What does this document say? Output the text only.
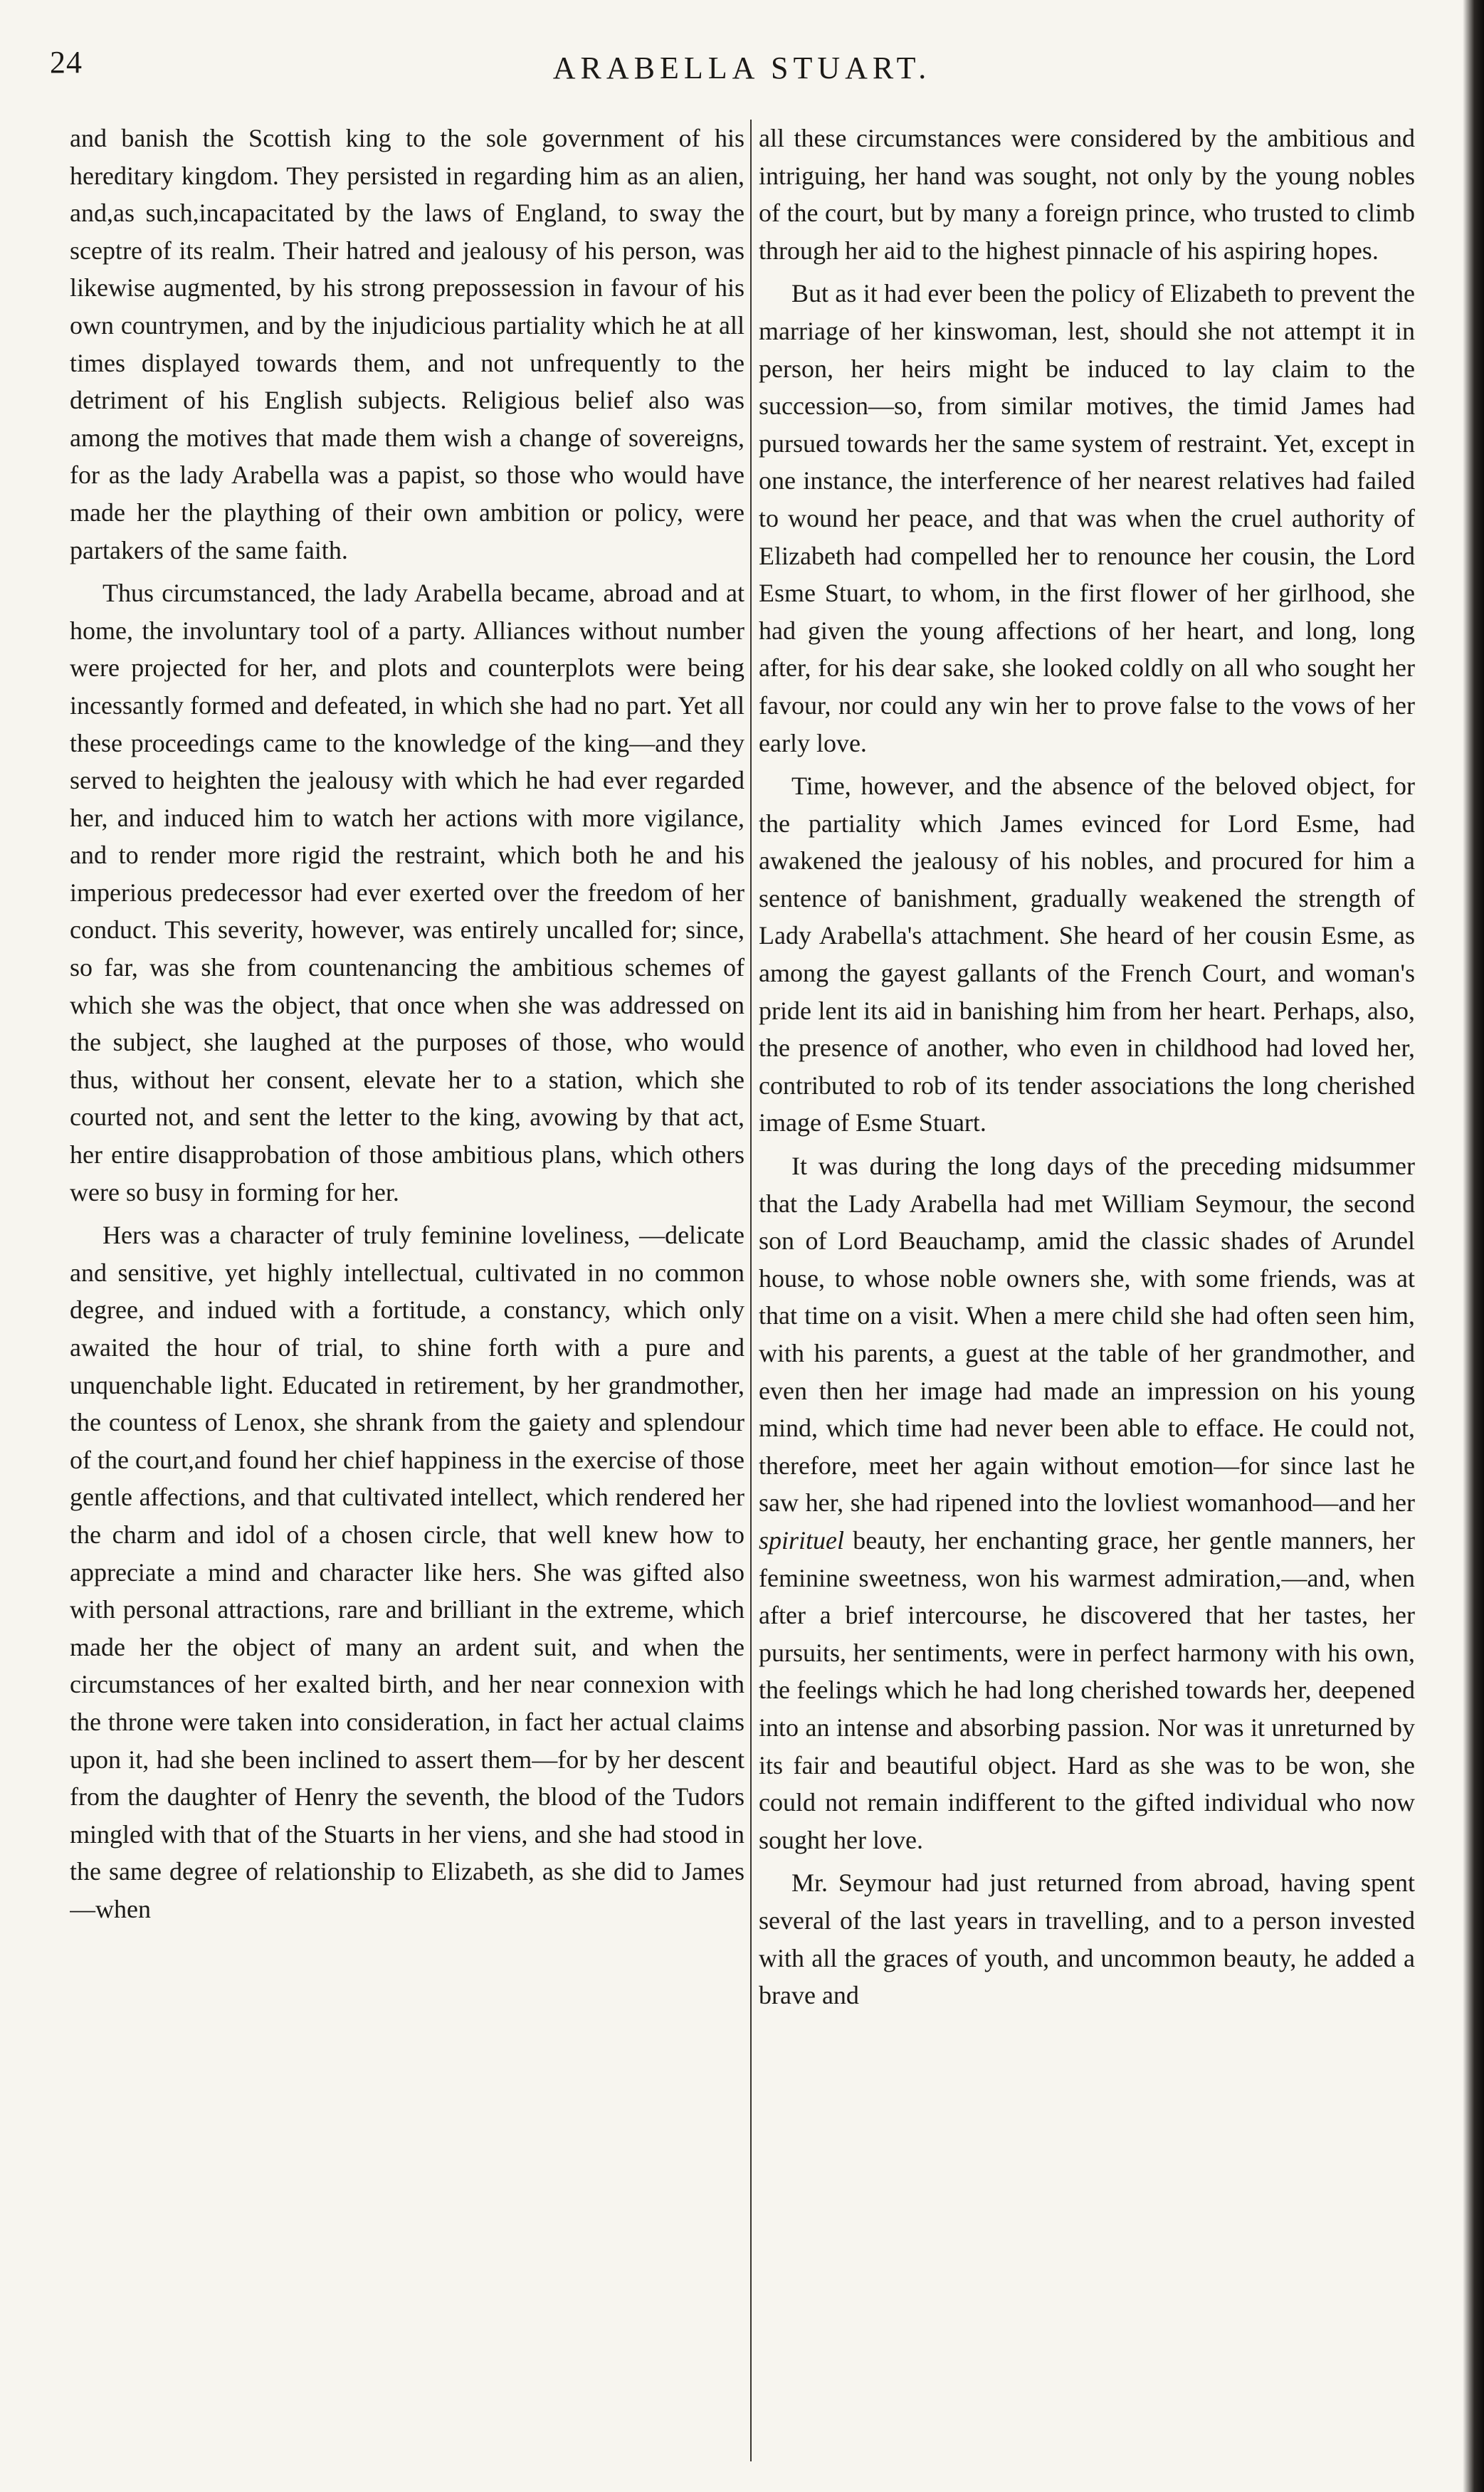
24	ARABELLA STUART.

and banish the Scottish king to the sole government of his hereditary kingdom. They persisted in regarding him as an alien, and,as such,incapacitated by the laws of England, to sway the sceptre of its realm. Their hatred and jealousy of his person, was likewise augmented, by his strong prepossession in favour of his own countrymen, and by the injudicious partiality which he at all times displayed towards them, and not unfrequently to the detriment of his English subjects. Religious belief also was among the motives that made them wish a change of sovereigns, for as the lady Arabella was a papist, so those who would have made her the plaything of their own ambition or policy, were partakers of the same faith.

Thus circumstanced, the lady Arabella became, abroad and at home, the involuntary tool of a party. Alliances without number were projected for her, and plots and counterplots were being incessantly formed and defeated, in which she had no part. Yet all these proceedings came to the knowledge of the king—and they served to heighten the jealousy with which he had ever regarded her, and induced him to watch her actions with more vigilance, and to render more rigid the restraint, which both he and his imperious predecessor had ever exerted over the freedom of her conduct. This severity, however, was entirely uncalled for; since, so far, was she from countenancing the ambitious schemes of which she was the object, that once when she was addressed on the subject, she laughed at the purposes of those, who would thus, without her consent, elevate her to a station, which she courted not, and sent the letter to the king, avowing by that act, her entire disapprobation of those ambitious plans, which others were so busy in forming for her.

Hers was a character of truly feminine loveliness, —delicate and sensitive, yet highly intellectual, cultivated in no common degree, and indued with a fortitude, a constancy, which only awaited the hour of trial, to shine forth with a pure and unquenchable light. Educated in retirement, by her grandmother, the countess of Lenox, she shrank from the gaiety and splendour of the court,and found her chief happiness in the exercise of those gentle affections, and that cultivated intellect, which rendered her the charm and idol of a chosen circle, that well knew how to appreciate a mind and character like hers. She was gifted also with personal attractions, rare and brilliant in the extreme, which made her the object of many an ardent suit, and when the circumstances of her exalted birth, and her near connexion with the throne were taken into consideration, in fact her actual claims upon it, had she been inclined to assert them—for by her descent from the daughter of Henry the seventh, the blood of the Tudors mingled with that of the Stuarts in her viens, and she had stood in the same degree of relationship to Elizabeth, as she did to James—when

all these circumstances were considered by the ambitious and intriguing, her hand was sought, not only by the young nobles of the court, but by many a foreign prince, who trusted to climb through her aid to the highest pinnacle of his aspiring hopes.

But as it had ever been the policy of Elizabeth to prevent the marriage of her kinswoman, lest, should she not attempt it in person, her heirs might be induced to lay claim to the succession—so, from similar motives, the timid James had pursued towards her the same system of restraint. Yet, except in one instance, the interference of her nearest relatives had failed to wound her peace, and that was when the cruel authority of Elizabeth had compelled her to renounce her cousin, the Lord Esme Stuart, to whom, in the first flower of her girlhood, she had given the young affections of her heart, and long, long after, for his dear sake, she looked coldly on all who sought her favour, nor could any win her to prove false to the vows of her early love.

Time, however, and the absence of the beloved object, for the partiality which James evinced for Lord Esme, had awakened the jealousy of his nobles, and procured for him a sentence of banishment, gradually weakened the strength of Lady Arabella's attachment. She heard of her cousin Esme, as among the gayest gallants of the French Court, and woman's pride lent its aid in banishing him from her heart. Perhaps, also, the presence of another, who even in childhood had loved her, contributed to rob of its tender associations the long cherished image of Esme Stuart.

It was during the long days of the preceding midsummer that the Lady Arabella had met William Seymour, the second son of Lord Beauchamp, amid the classic shades of Arundel house, to whose noble owners she, with some friends, was at that time on a visit. When a mere child she had often seen him, with his parents, a guest at the table of her grandmother, and even then her image had made an impression on his young mind, which time had never been able to efface. He could not, therefore, meet her again without emotion—for since last he saw her, she had ripened into the lovliest womanhood—and her spirituel beauty, her enchanting grace, her gentle manners, her feminine sweetness, won his warmest admiration,—and, when after a brief intercourse, he discovered that her tastes, her pursuits, her sentiments, were in perfect harmony with his own, the feelings which he had long cherished towards her, deepened into an intense and absorbing passion. Nor was it unreturned by its fair and beautiful object. Hard as she was to be won, she could not remain indifferent to the gifted individual who now sought her love.

Mr. Seymour had just returned from abroad, having spent several of the last years in travelling, and to a person invested with all the graces of youth, and uncommon beauty, he added a brave and
